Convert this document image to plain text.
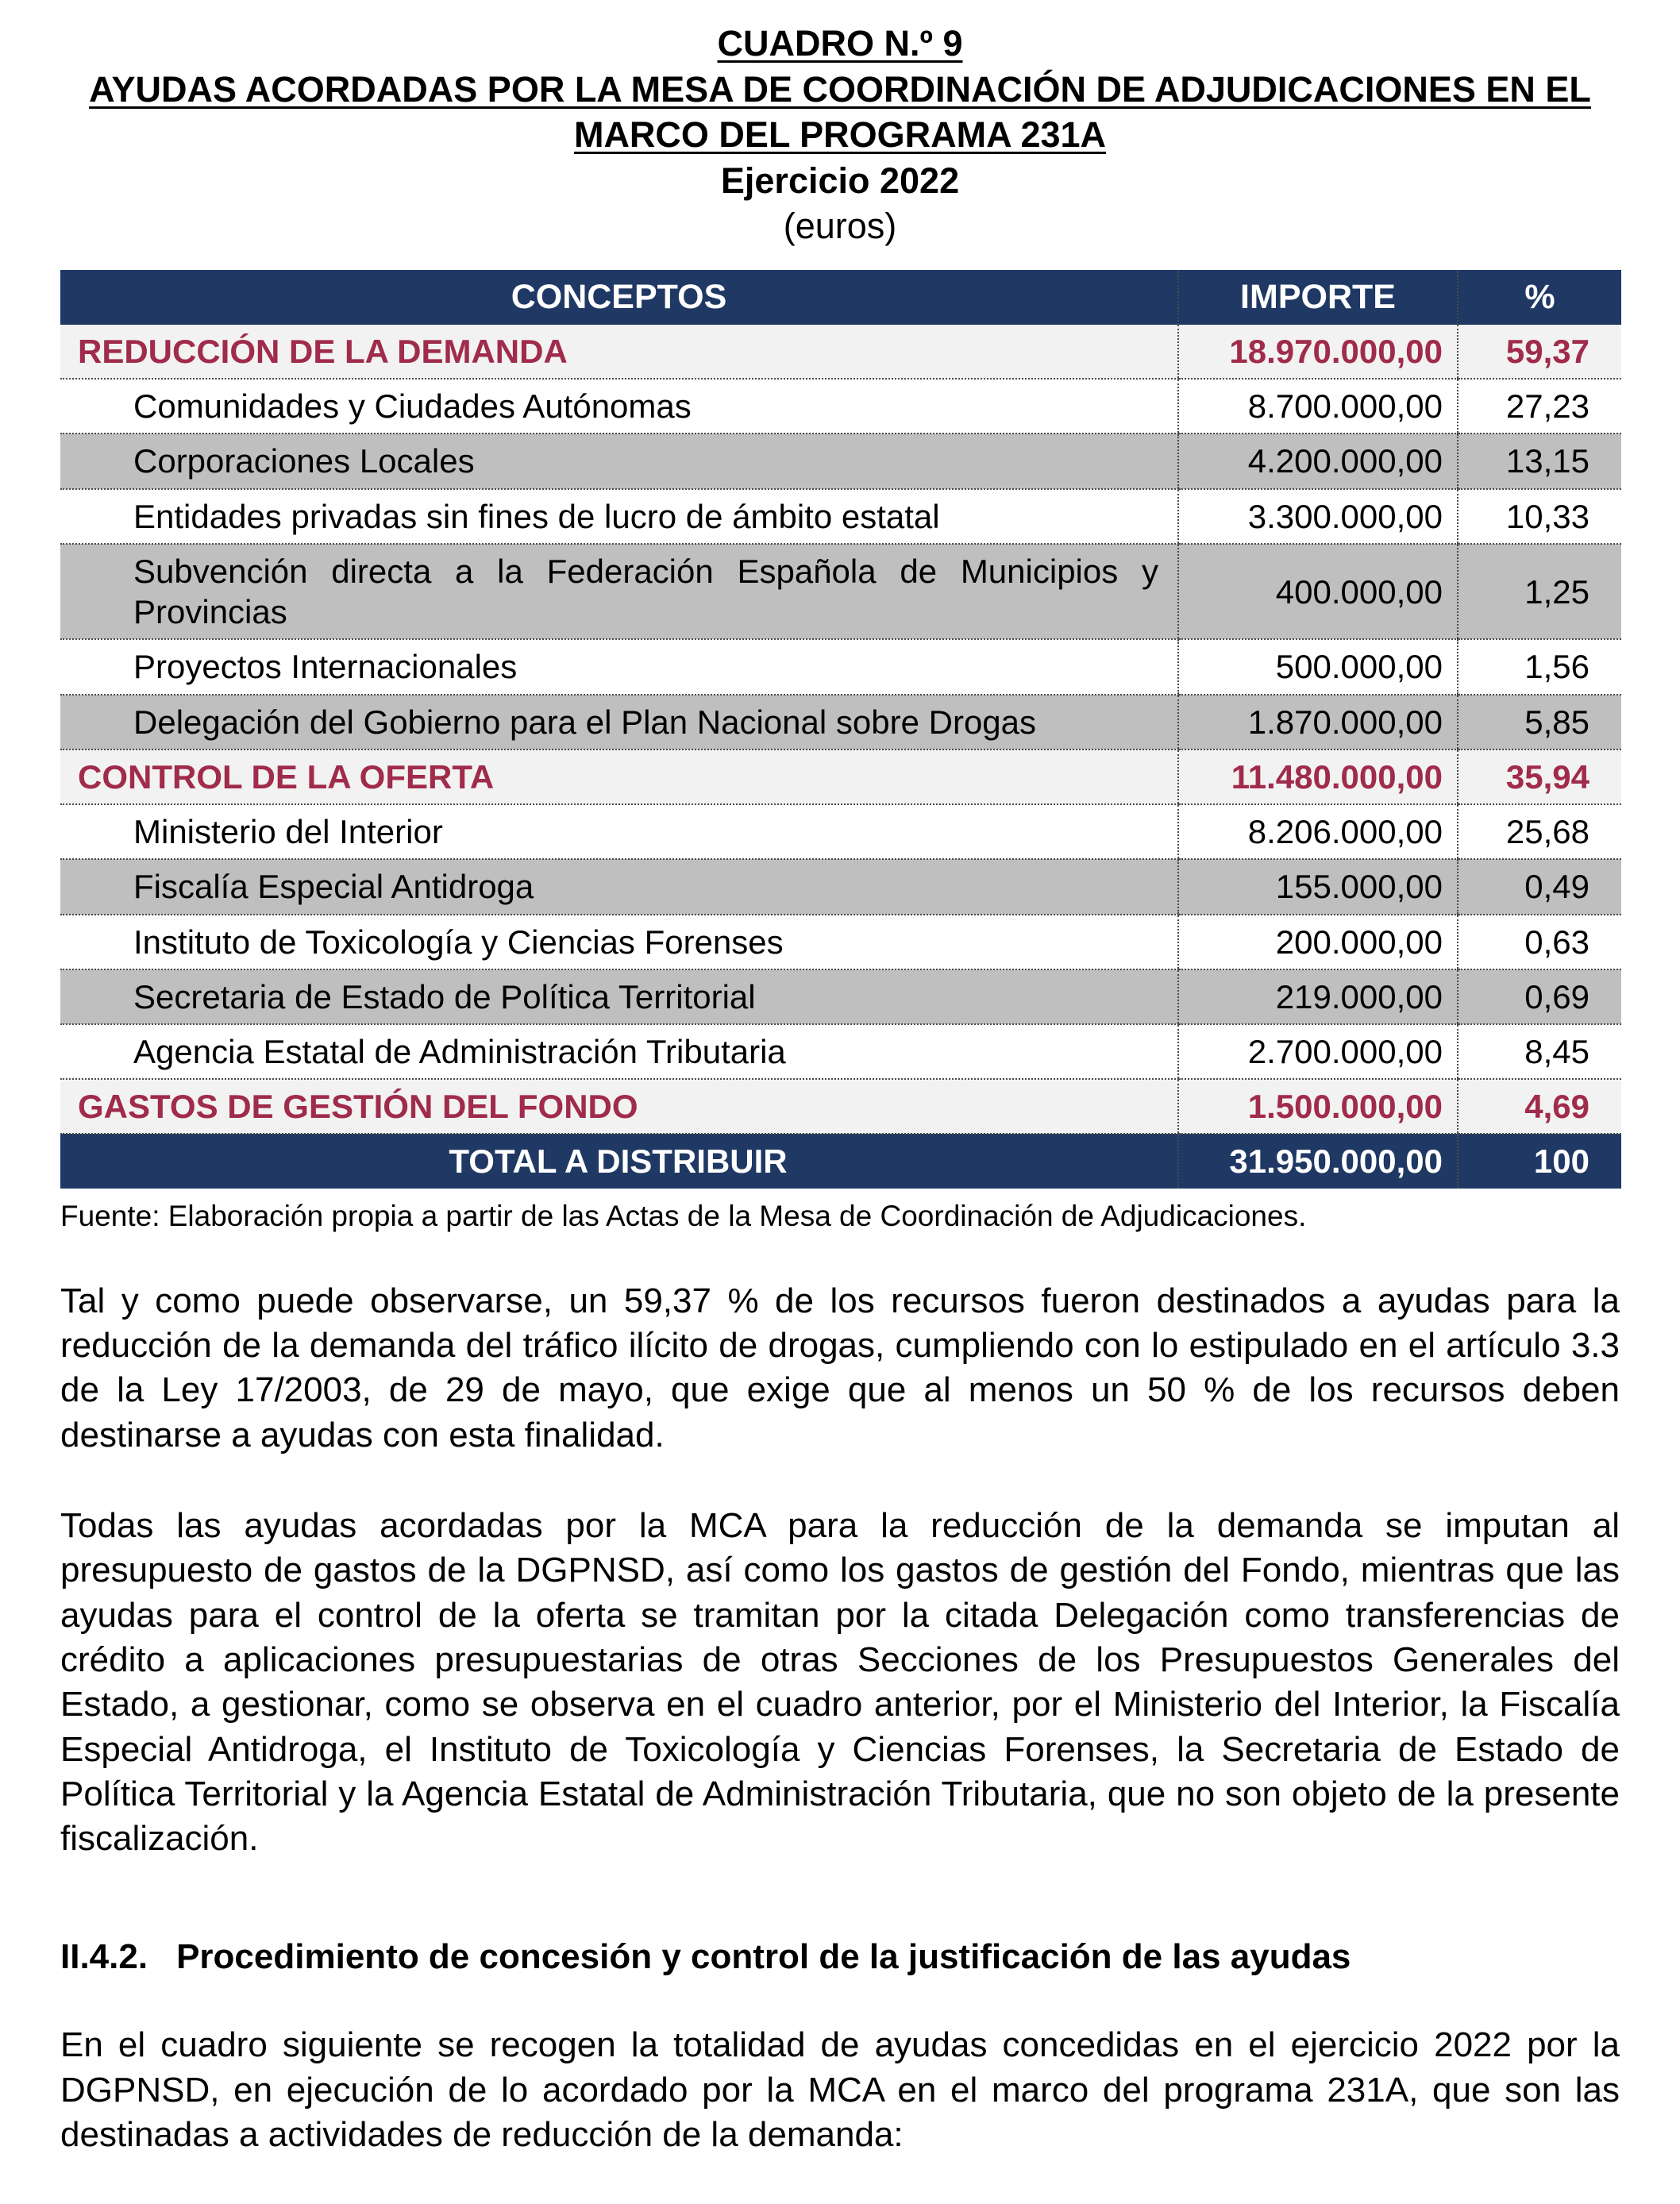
CUADRO N.º 9
AYUDAS ACORDADAS POR LA MESA DE COORDINACIÓN DE ADJUDICACIONES EN EL MARCO DEL PROGRAMA 231A
Ejercicio 2022
(euros)
CONCEPTOS	IMPORTE	%
REDUCCIÓN DE LA DEMANDA	18.970.000,00	59,37
Comunidades y Ciudades Autónomas	8.700.000,00	27,23
Corporaciones Locales	4.200.000,00	13,15
Entidades privadas sin fines de lucro de ámbito estatal	3.300.000,00	10,33
Subvención directa a la Federación Española de Municipios y Provincias	400.000,00	1,25
Proyectos Internacionales	500.000,00	1,56
Delegación del Gobierno para el Plan Nacional sobre Drogas	1.870.000,00	5,85
CONTROL DE LA OFERTA	11.480.000,00	35,94
Ministerio del Interior	8.206.000,00	25,68
Fiscalía Especial Antidroga	155.000,00	0,49
Instituto de Toxicología y Ciencias Forenses	200.000,00	0,63
Secretaria de Estado de Política Territorial	219.000,00	0,69
Agencia Estatal de Administración Tributaria	2.700.000,00	8,45
GASTOS DE GESTIÓN DEL FONDO	1.500.000,00	4,69
TOTAL A DISTRIBUIR	31.950.000,00	100

Fuente: Elaboración propia a partir de las Actas de la Mesa de Coordinación de Adjudicaciones.

Tal y como puede observarse, un 59,37 % de los recursos fueron destinados a ayudas para la reducción de la demanda del tráfico ilícito de drogas, cumpliendo con lo estipulado en el artículo 3.3 de la Ley 17/2003, de 29 de mayo, que exige que al menos un 50 % de los recursos deben destinarse a ayudas con esta finalidad.

Todas las ayudas acordadas por la MCA para la reducción de la demanda se imputan al presupuesto de gastos de la DGPNSD, así como los gastos de gestión del Fondo, mientras que las ayudas para el control de la oferta se tramitan por la citada Delegación como transferencias de crédito a aplicaciones presupuestarias de otras Secciones de los Presupuestos Generales del Estado, a gestionar, como se observa en el cuadro anterior, por el Ministerio del Interior, la Fiscalía Especial Antidroga, el Instituto de Toxicología y Ciencias Forenses, la Secretaria de Estado de Política Territorial y la Agencia Estatal de Administración Tributaria, que no son objeto de la presente fiscalización.

II.4.2. Procedimiento de concesión y control de la justificación de las ayudas

En el cuadro siguiente se recogen la totalidad de ayudas concedidas en el ejercicio 2022 por la DGPNSD, en ejecución de lo acordado por la MCA en el marco del programa 231A, que son las destinadas a actividades de reducción de la demanda:
